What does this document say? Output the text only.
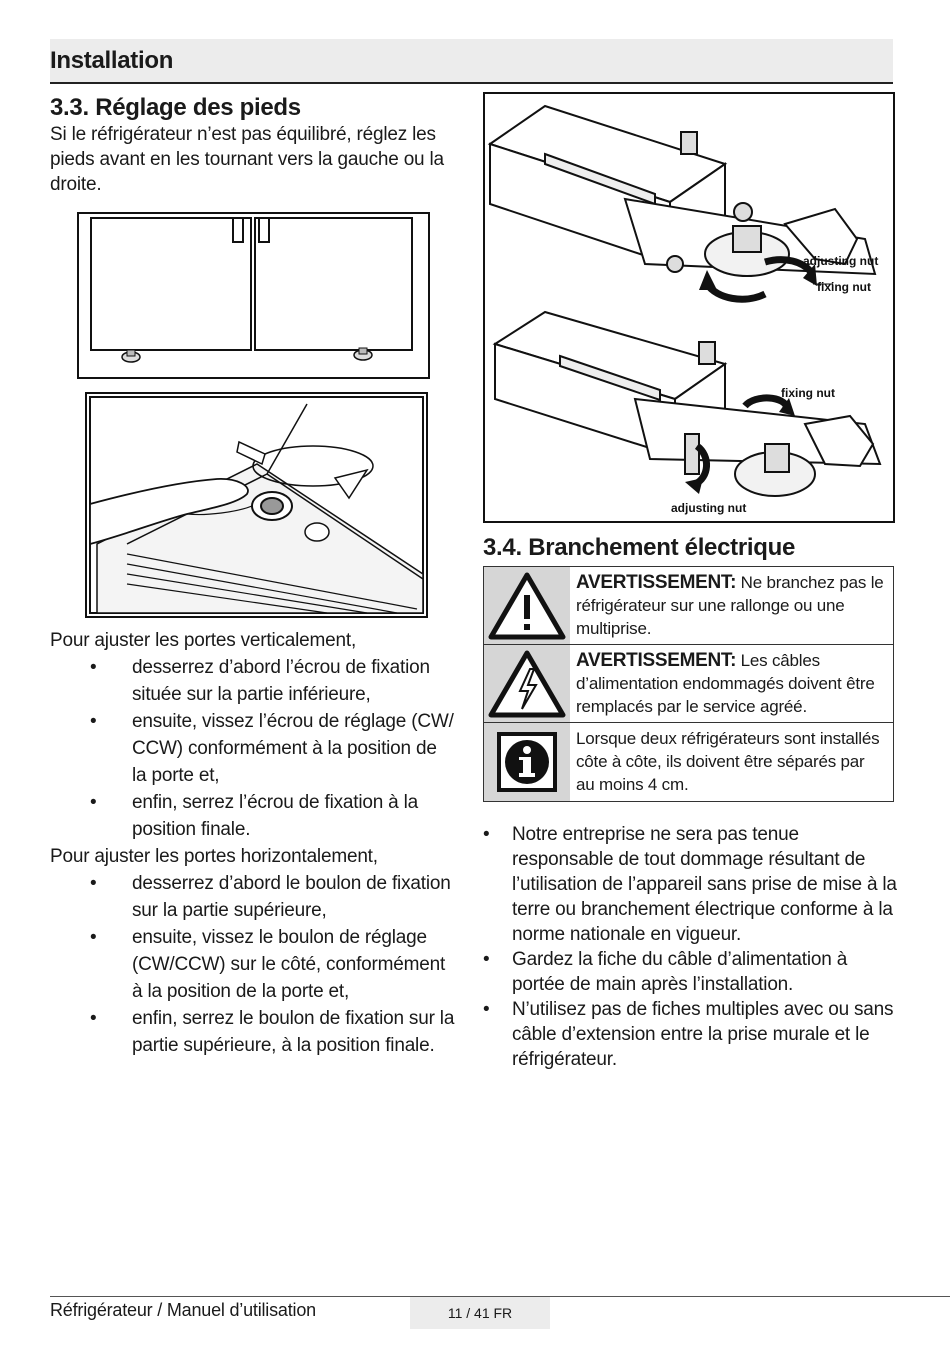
Installation
3.3. Réglage des pieds
Si le réfrigérateur n’est pas équilibré, réglez les pieds avant en les tournant vers la gauche ou la droite.

Pour ajuster les portes verticalement,

• desserrez d’abord l’écrou de fixation située sur la partie inférieure,
• ensuite, vissez l’écrou de réglage (CW/ CCW) conformément à la position de la porte et,
• enfin, serrez l’écrou de fixation à la position finale.

Pour ajuster les portes horizontalement,

• desserrez d’abord le boulon de fixation sur la partie supérieure,
• ensuite, vissez le boulon de réglage (CW/CCW) sur le côté, conformément à la position de la porte et,
• enfin, serrez le boulon de fixation sur la partie supérieure, à la position finale.
adjusting nut
fixing nut
fixing nut
adjusting nut
3.4. Branchement électrique
AVERTISSEMENT: Ne branchez pas le réfrigérateur sur une rallonge ou une multiprise.
AVERTISSEMENT: Les câbles d’alimentation endommagés doivent être remplacés par le service agréé.
Lorsque deux réfrigérateurs sont installés côte à côte, ils doivent être séparés par au moins 4 cm.
• Notre entreprise ne sera pas tenue responsable de tout dommage résultant de l’utilisation de l’appareil sans prise de mise à la terre ou branchement électrique conforme à la norme nationale en vigueur.
• Gardez la fiche du câble d’alimentation à portée de main après l’installation.
• N’utilisez pas de fiches multiples avec ou sans câble d’extension entre la prise murale et le réfrigérateur.
Réfrigérateur / Manuel d’utilisation	11 / 41 FR
